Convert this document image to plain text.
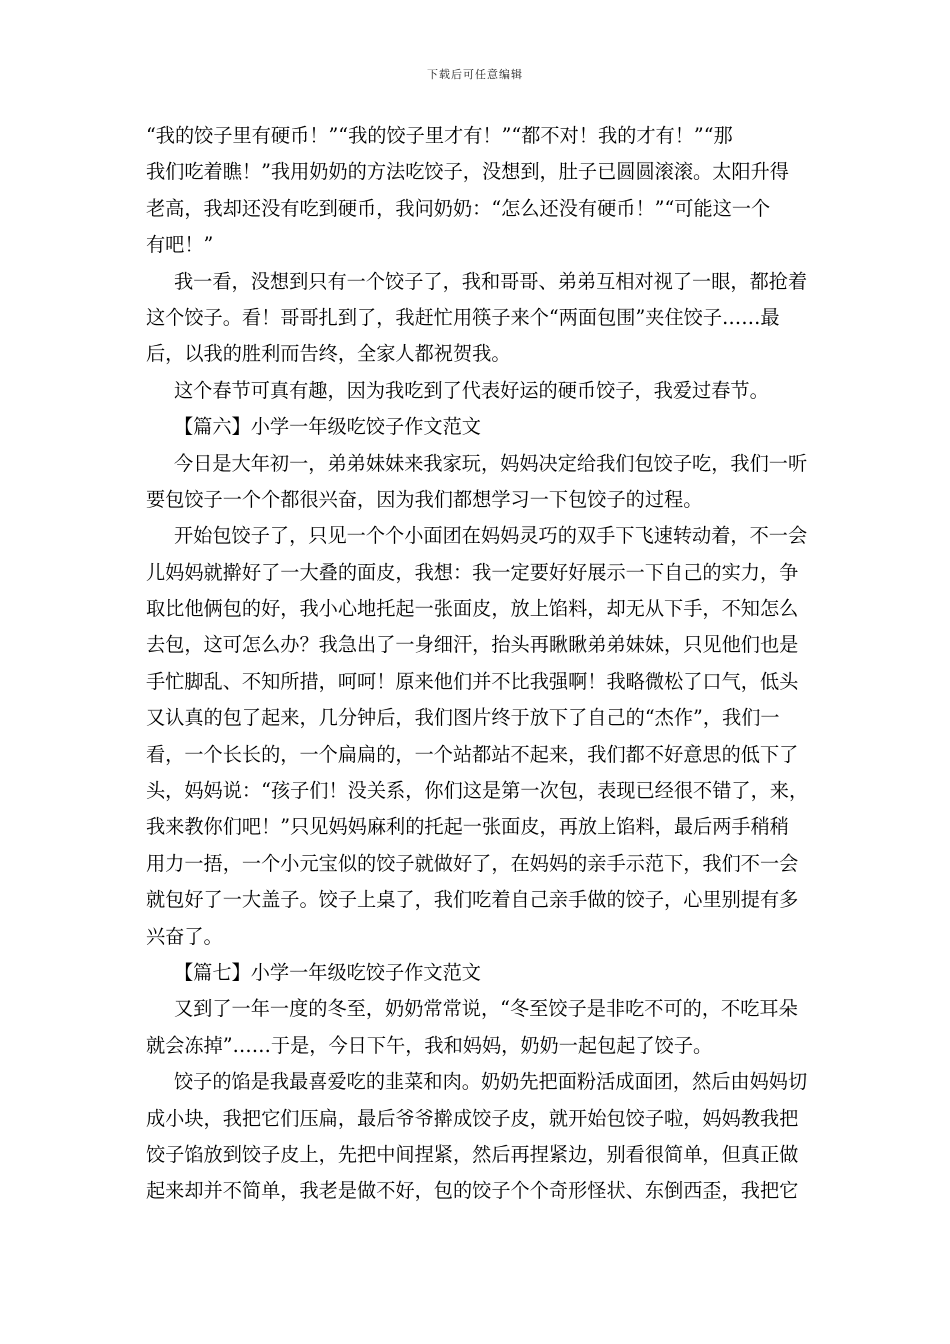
下载后可任意编辑
“我的饺子里有硬币！”“我的饺子里才有！”“都不对！我的才有！”“那
我们吃着瞧！”我用奶奶的方法吃饺子，没想到，肚子已圆圆滚滚。太阳升得
老高，我却还没有吃到硬币，我问奶奶：“怎么还没有硬币！”“可能这一个
有吧！”
我一看，没想到只有一个饺子了，我和哥哥、弟弟互相对视了一眼，都抢着
这个饺子。看！哥哥扎到了，我赶忙用筷子来个“两面包围”夹住饺子……最
后，以我的胜利而告终，全家人都祝贺我。
这个春节可真有趣，因为我吃到了代表好运的硬币饺子，我爱过春节。
【篇六】小学一年级吃饺子作文范文
今日是大年初一，弟弟妹妹来我家玩，妈妈决定给我们包饺子吃，我们一听
要包饺子一个个都很兴奋，因为我们都想学习一下包饺子的过程。
开始包饺子了，只见一个个小面团在妈妈灵巧的双手下飞速转动着，不一会
儿妈妈就擀好了一大叠的面皮，我想：我一定要好好展示一下自己的实力，争
取比他俩包的好，我小心地托起一张面皮，放上馅料，却无从下手，不知怎么
去包，这可怎么办？我急出了一身细汗，抬头再瞅瞅弟弟妹妹，只见他们也是
手忙脚乱、不知所措，呵呵！原来他们并不比我强啊！我略微松了口气，低头
又认真的包了起来，几分钟后，我们图片终于放下了自己的“杰作”，我们一
看，一个长长的，一个扁扁的，一个站都站不起来，我们都不好意思的低下了
头，妈妈说：“孩子们！没关系，你们这是第一次包，表现已经很不错了，来，
我来教你们吧！”只见妈妈麻利的托起一张面皮，再放上馅料，最后两手稍稍
用力一捂，一个小元宝似的饺子就做好了，在妈妈的亲手示范下，我们不一会
就包好了一大盖子。饺子上桌了，我们吃着自己亲手做的饺子，心里别提有多
兴奋了。
【篇七】小学一年级吃饺子作文范文
又到了一年一度的冬至，奶奶常常说，“冬至饺子是非吃不可的，不吃耳朵
就会冻掉”……于是，今日下午，我和妈妈，奶奶一起包起了饺子。
饺子的馅是我最喜爱吃的韭菜和肉。奶奶先把面粉活成面团，然后由妈妈切
成小块，我把它们压扁，最后爷爷擀成饺子皮，就开始包饺子啦，妈妈教我把
饺子馅放到饺子皮上，先把中间捏紧，然后再捏紧边，别看很简单，但真正做
起来却并不简单，我老是做不好，包的饺子个个奇形怪状、东倒西歪，我把它
